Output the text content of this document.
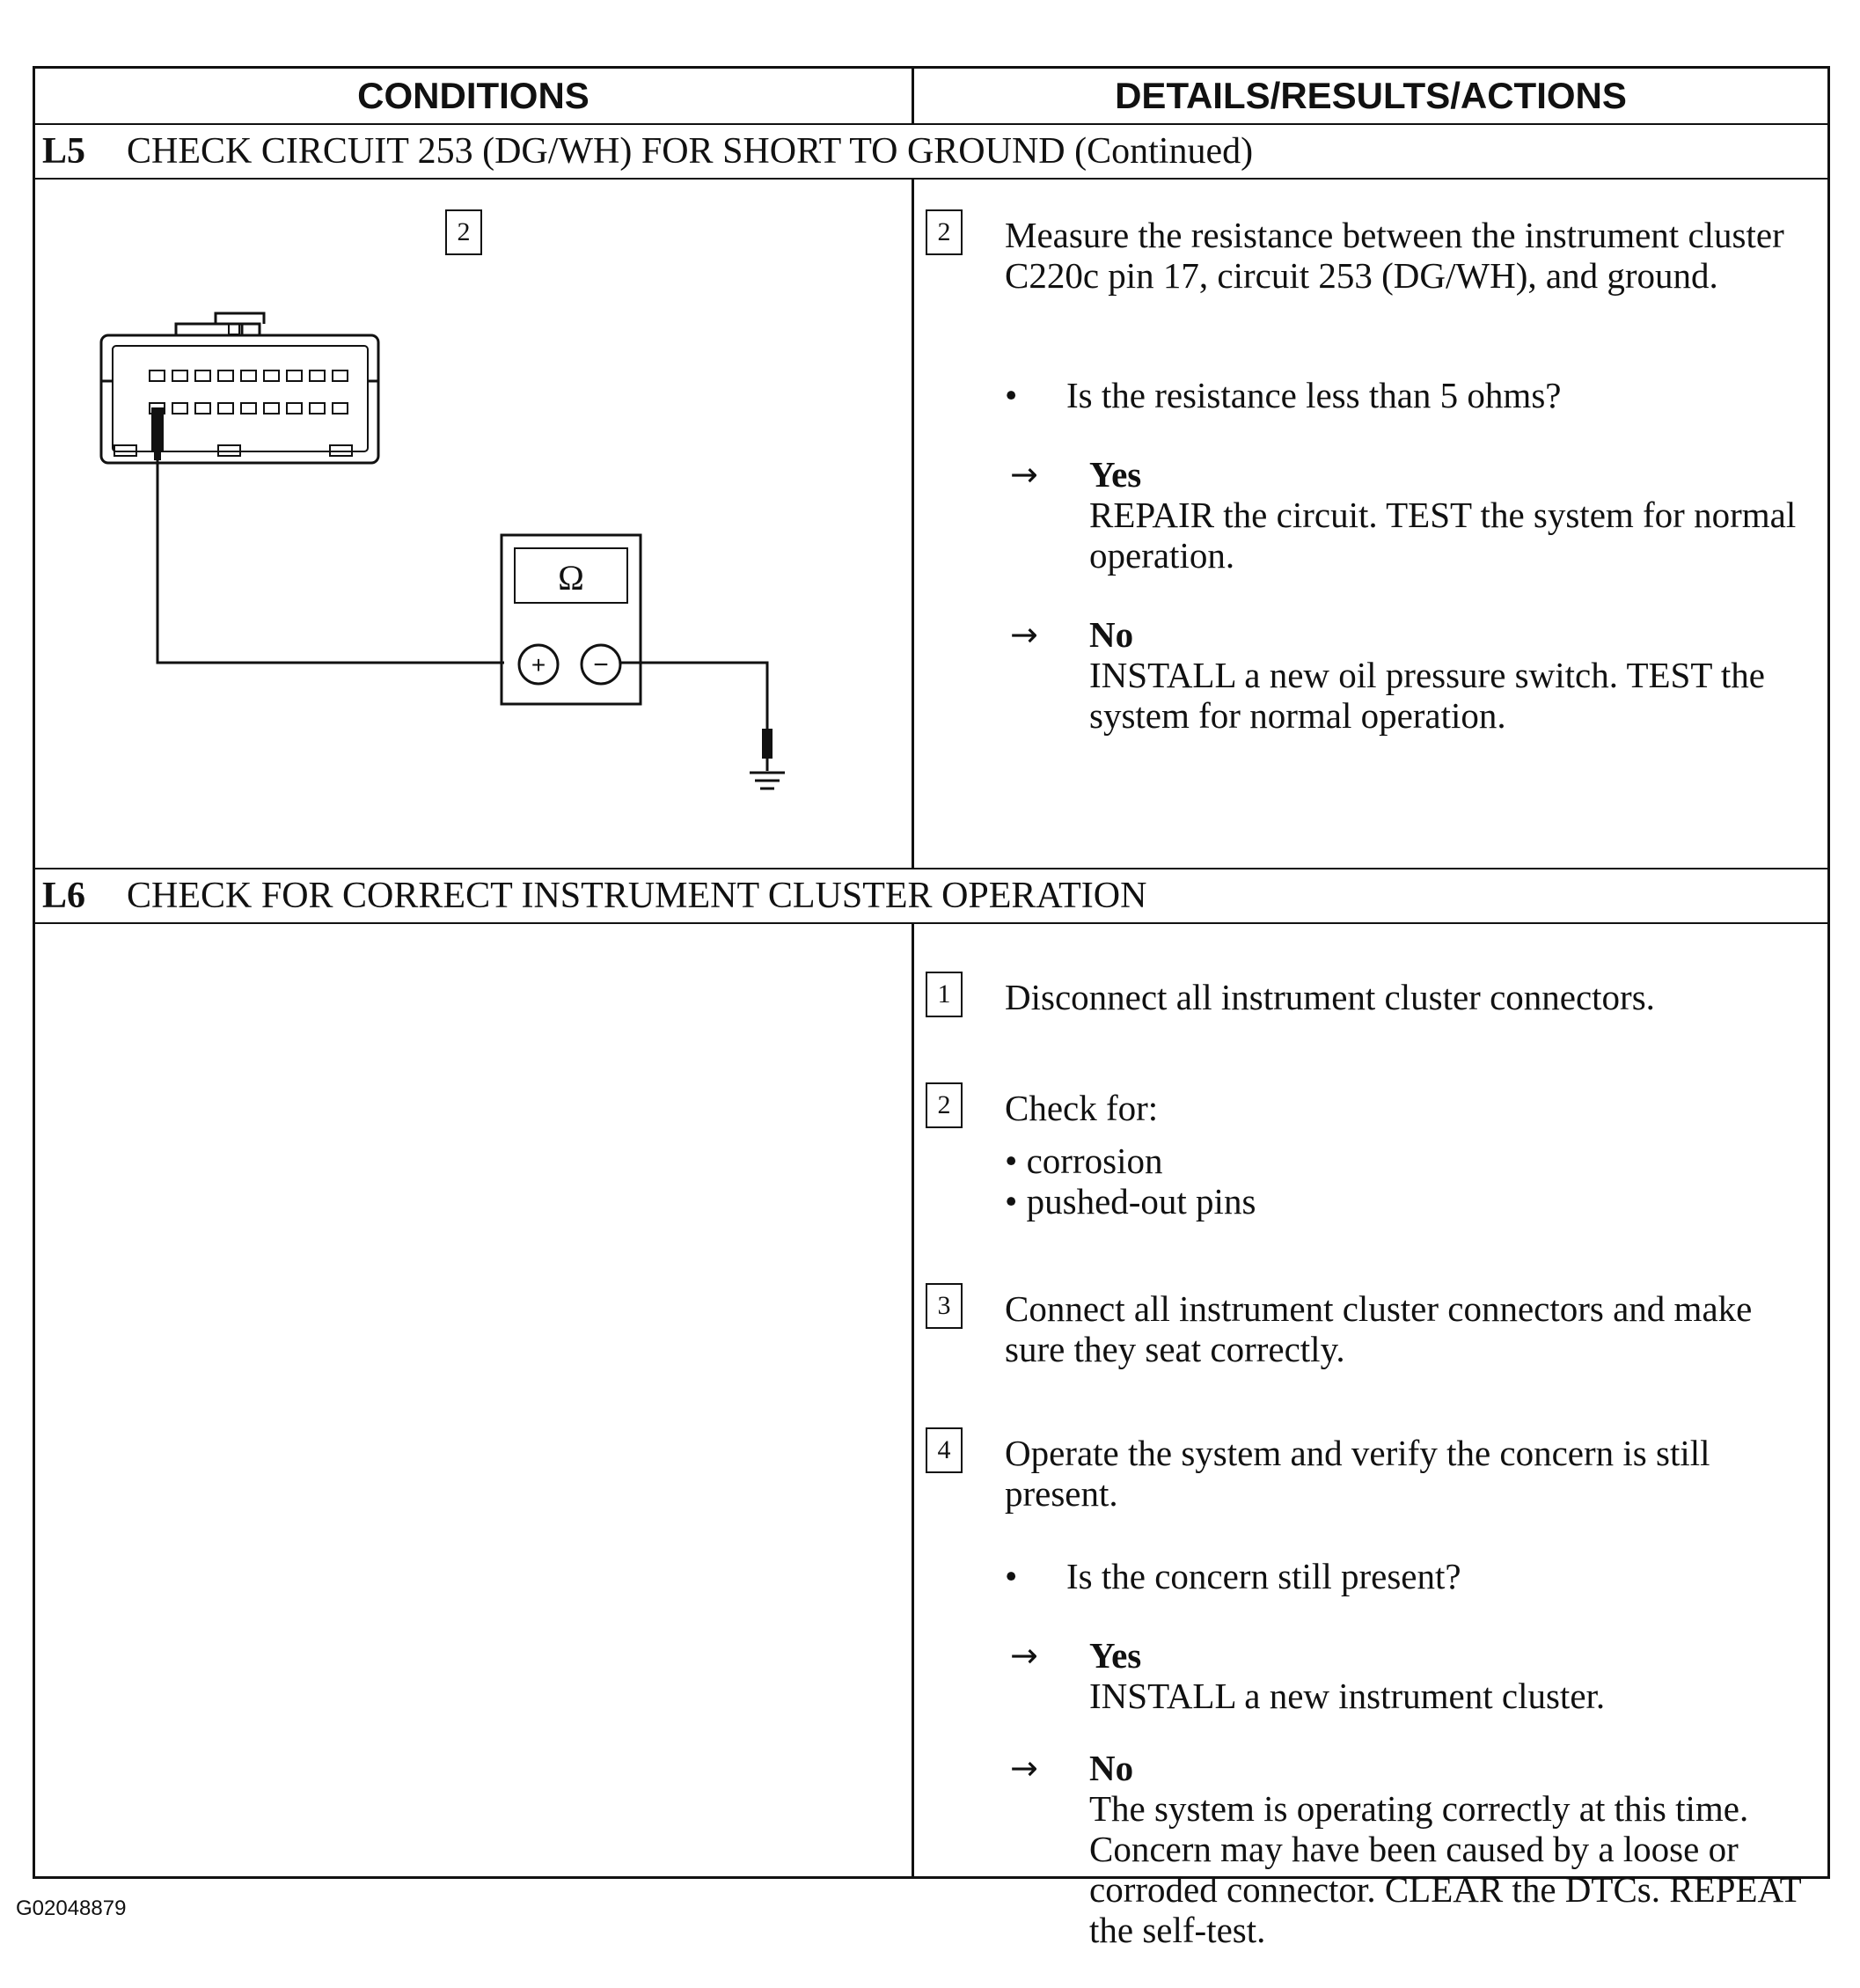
CONDITIONS	DETAILS/RESULTS/ACTIONS
L5	CHECK CIRCUIT 253 (DG/WH) FOR SHORT TO GROUND (Continued)
2
Ω
+ −
2	Measure the resistance between the instrument cluster C220c pin 17, circuit 253 (DG/WH), and ground.
• Is the resistance less than 5 ohms?
→ Yes
REPAIR the circuit. TEST the system for normal operation.
→ No
INSTALL a new oil pressure switch. TEST the system for normal operation.
L6	CHECK FOR CORRECT INSTRUMENT CLUSTER OPERATION
1	Disconnect all instrument cluster connectors.
2	Check for:
• corrosion
• pushed-out pins
3	Connect all instrument cluster connectors and make sure they seat correctly.
4	Operate the system and verify the concern is still present.
• Is the concern still present?
→ Yes
INSTALL a new instrument cluster.
→ No
The system is operating correctly at this time. Concern may have been caused by a loose or corroded connector. CLEAR the DTCs. REPEAT the self-test.
G02048879
